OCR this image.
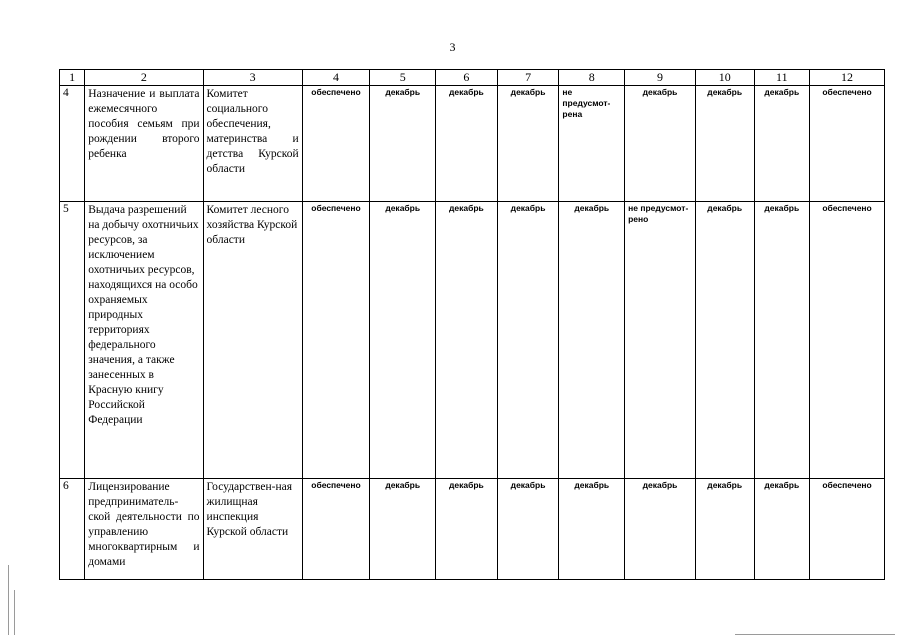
3
1	2	3	4	5	6	7	8	9	10	11	12
4	Назначение и выплата ежемесячного пособия семьям при рождении второго ребенка	Комитет социального обеспечения, материнства и детства Курской области	обеспечено	декабрь	декабрь	декабрь	не предусмот-рена	декабрь	декабрь	декабрь	обеспечено
5	Выдача разрешений на добычу охотничьих ресурсов, за исключением охотничьих ресурсов, находящихся на особо охраняемых природных территориях федерального значения, а также занесенных в Красную книгу Российской Федерации	Комитет лесного хозяйства Курской области	обеспечено	декабрь	декабрь	декабрь	декабрь	не предусмот-рено	декабрь	декабрь	обеспечено
6	Лицензирование предприниматель-ской деятельности по управлению многоквартирным и домами	Государствен-ная жилищная инспекция Курской области	обеспечено	декабрь	декабрь	декабрь	декабрь	декабрь	декабрь	декабрь	обеспечено
